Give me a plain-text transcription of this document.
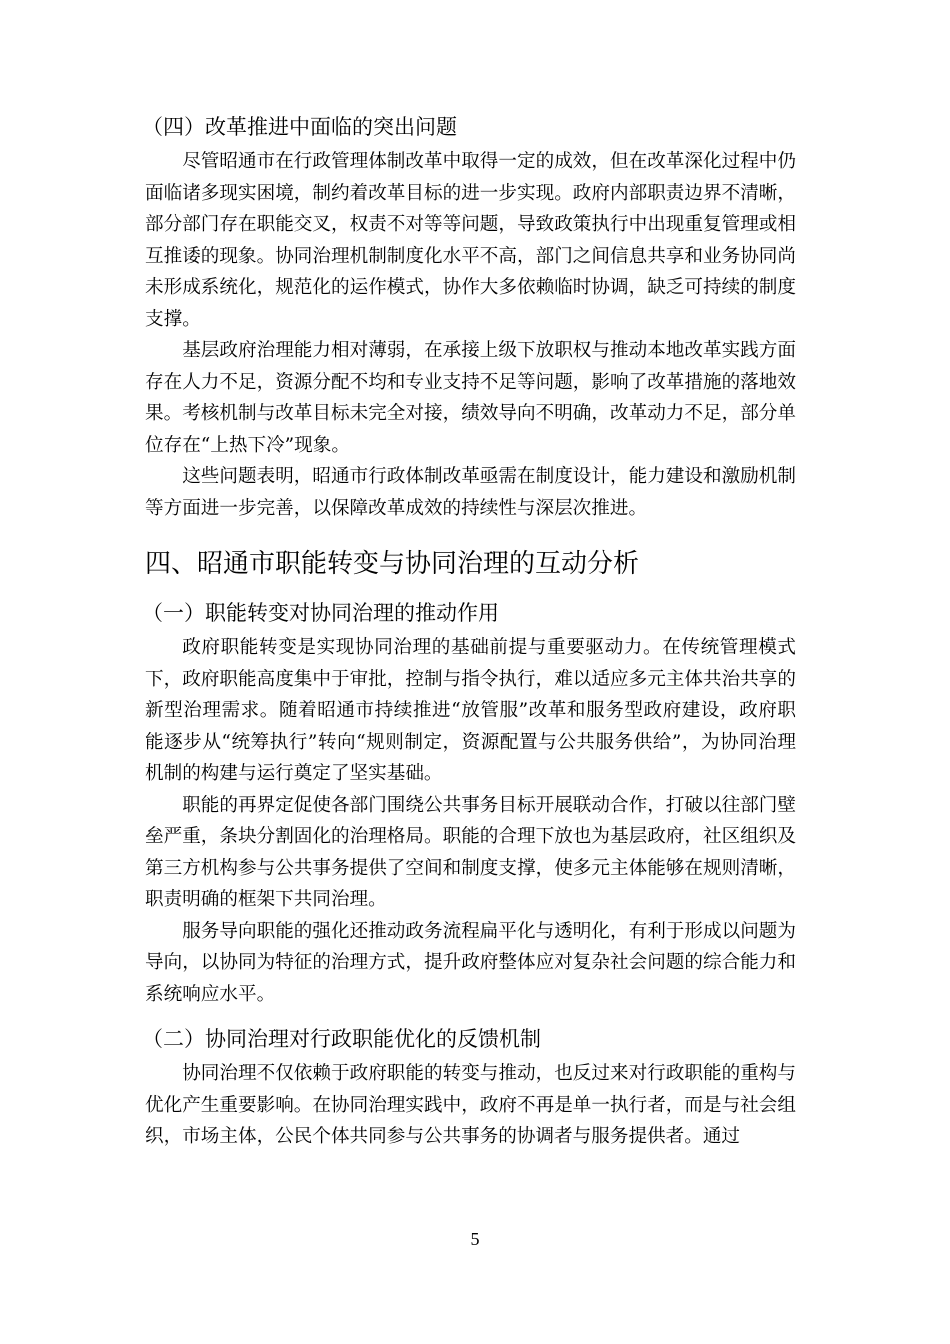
（四）改革推进中面临的突出问题

尽管昭通市在行政管理体制改革中取得一定的成效，但在改革深化过程中仍面临诸多现实困境，制约着改革目标的进一步实现。政府内部职责边界不清晰，部分部门存在职能交叉，权责不对等等问题，导致政策执行中出现重复管理或相互推诿的现象。协同治理机制制度化水平不高，部门之间信息共享和业务协同尚未形成系统化，规范化的运作模式，协作大多依赖临时协调，缺乏可持续的制度支撑。

基层政府治理能力相对薄弱，在承接上级下放职权与推动本地改革实践方面存在人力不足，资源分配不均和专业支持不足等问题，影响了改革措施的落地效果。考核机制与改革目标未完全对接，绩效导向不明确，改革动力不足，部分单位存在“上热下冷”现象。

这些问题表明，昭通市行政体制改革亟需在制度设计，能力建设和激励机制等方面进一步完善，以保障改革成效的持续性与深层次推进。

四、昭通市职能转变与协同治理的互动分析
（一）职能转变对协同治理的推动作用

政府职能转变是实现协同治理的基础前提与重要驱动力。在传统管理模式下，政府职能高度集中于审批，控制与指令执行，难以适应多元主体共治共享的新型治理需求。随着昭通市持续推进“放管服”改革和服务型政府建设，政府职能逐步从“统筹执行”转向“规则制定，资源配置与公共服务供给”，为协同治理机制的构建与运行奠定了坚实基础。

职能的再界定促使各部门围绕公共事务目标开展联动合作，打破以往部门壁垒严重，条块分割固化的治理格局。职能的合理下放也为基层政府，社区组织及第三方机构参与公共事务提供了空间和制度支撑，使多元主体能够在规则清晰，职责明确的框架下共同治理。

服务导向职能的强化还推动政务流程扁平化与透明化，有利于形成以问题为导向，以协同为特征的治理方式，提升政府整体应对复杂社会问题的综合能力和系统响应水平。

（二）协同治理对行政职能优化的反馈机制

协同治理不仅依赖于政府职能的转变与推动，也反过来对行政职能的重构与优化产生重要影响。在协同治理实践中，政府不再是单一执行者，而是与社会组织，市场主体，公民个体共同参与公共事务的协调者与服务提供者。通过

5
